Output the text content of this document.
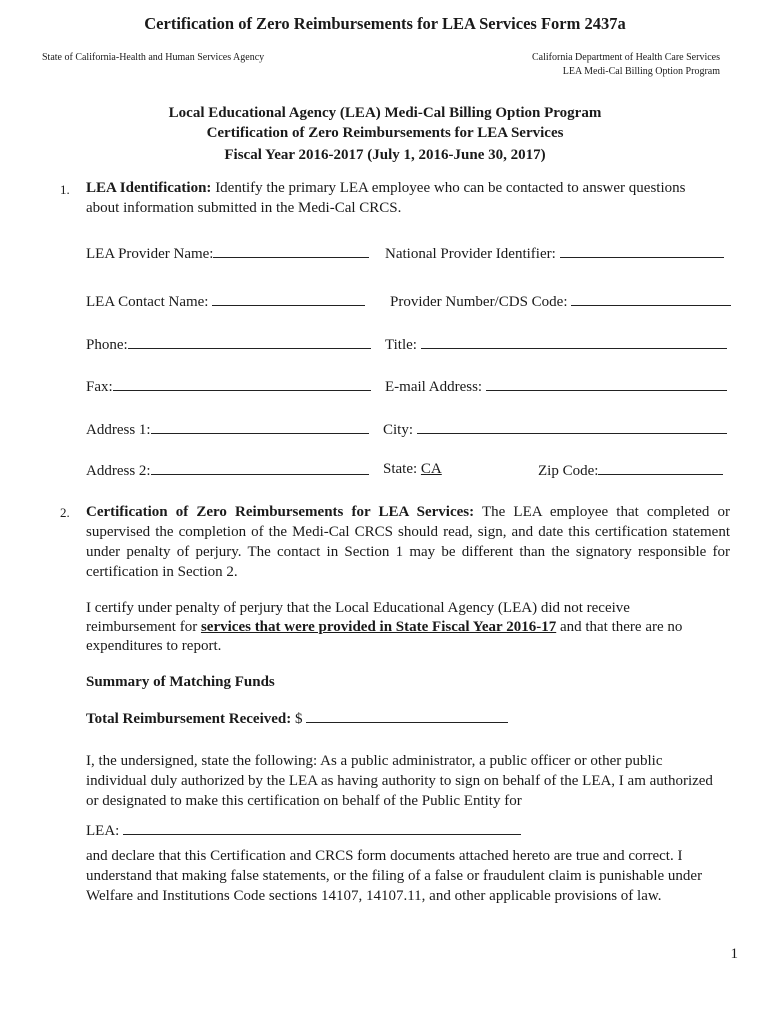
Certification of Zero Reimbursements for LEA Services Form 2437a
State of California-Health and Human Services Agency	California Department of Health Care Services
LEA Medi-Cal Billing Option Program
Local Educational Agency (LEA) Medi-Cal Billing Option Program
Certification of Zero Reimbursements for LEA Services
Fiscal Year 2016-2017 (July 1, 2016-June 30, 2017)
1. LEA Identification: Identify the primary LEA employee who can be contacted to answer questions
about information submitted in the Medi-Cal CRCS.
LEA Provider Name:	National Provider Identifier:
LEA Contact Name:	Provider Number/CDS Code:
Phone:	Title:
Fax:	E-mail Address:
Address 1:	City:
Address 2:	State: CA	Zip Code:
2. Certification of Zero Reimbursements for LEA Services: The LEA employee that completed or
supervised the completion of the Medi-Cal CRCS should read, sign, and date this certification statement
under penalty of perjury. The contact in Section 1 may be different than the signatory responsible for
certification in Section 2.
I certify under penalty of perjury that the Local Educational Agency (LEA) did not receive
reimbursement for services that were provided in State Fiscal Year 2016-17 and that there are no
expenditures to report.
Summary of Matching Funds
Total Reimbursement Received: $
I, the undersigned, state the following: As a public administrator, a public officer or other public
individual duly authorized by the LEA as having authority to sign on behalf of the LEA, I am authorized
or designated to make this certification on behalf of the Public Entity for
LEA:
and declare that this Certification and CRCS form documents attached hereto are true and correct. I
understand that making false statements, or the filing of a false or fraudulent claim is punishable under
Welfare and Institutions Code sections 14107, 14107.11, and other applicable provisions of law.
1
